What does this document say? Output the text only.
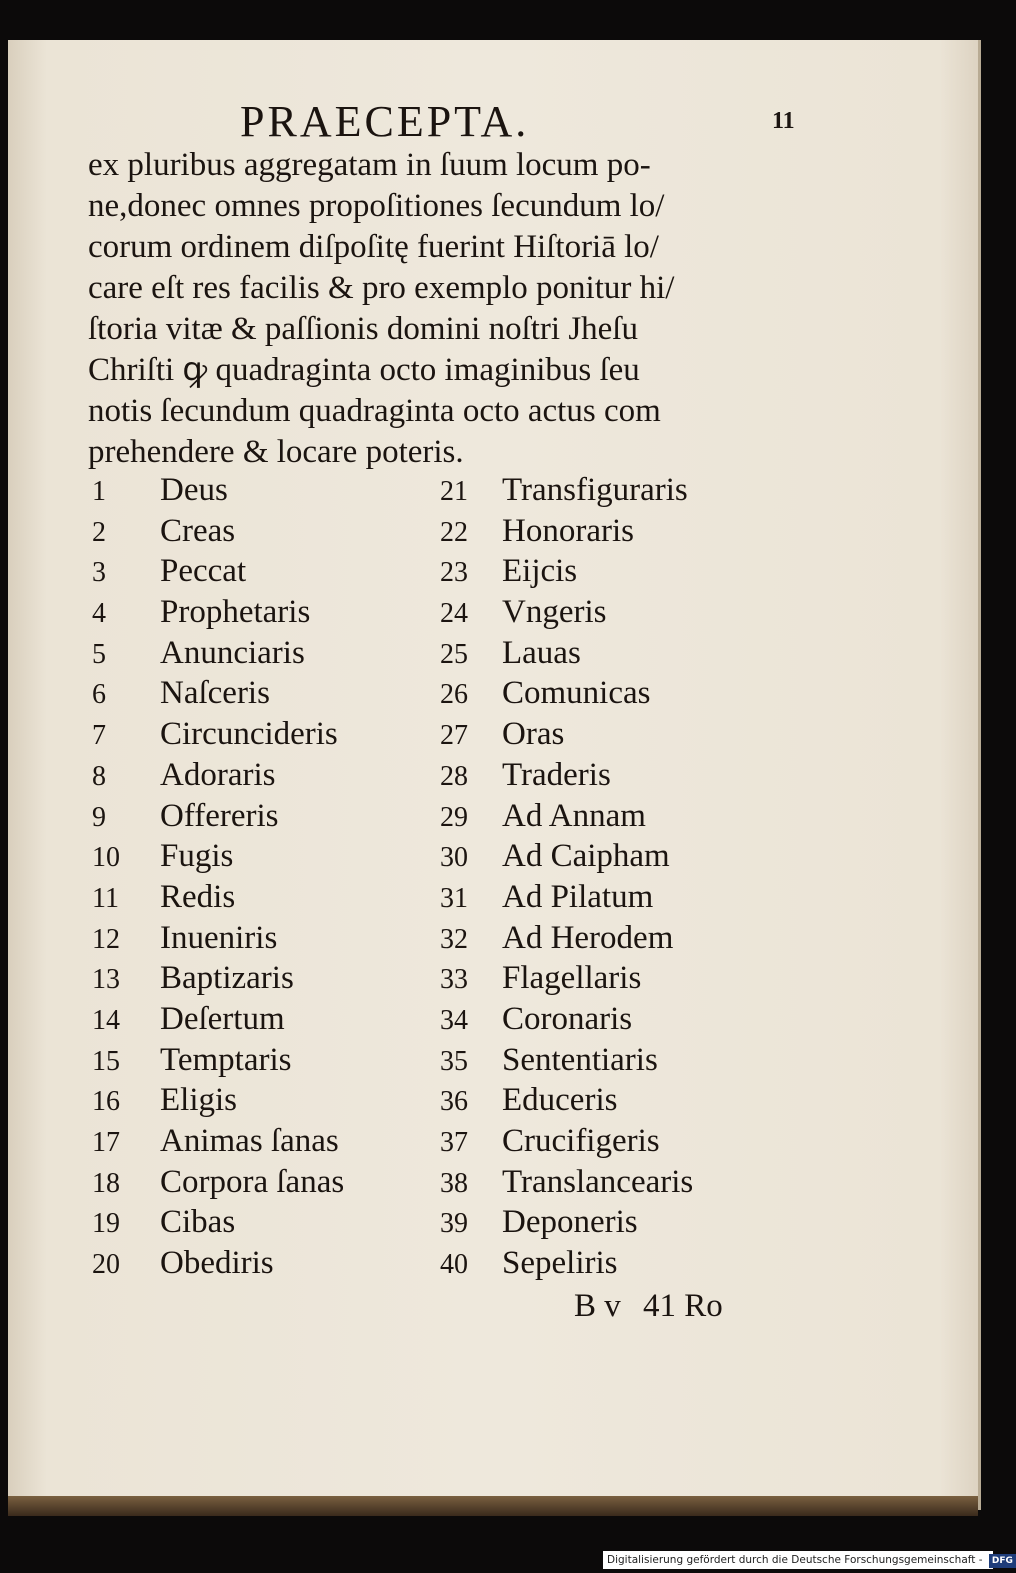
PRAECEPTA.	11
ex pluribus aggregatam in ſuum locum po-
ne,donec omnes propoſitiones ſecundum lo/
corum ordinem diſpoſitę fuerint Hiſtoriā lo/
care eſt res facilis & pro exemplo ponitur hi/
ſtoria vitæ & paſſionis domini noſtri Jheſu
Chriſti ꝙ quadraginta octo imaginibus ſeu
notis ſecundum quadraginta octo actus com
prehendere & locare poteris.
1 Deus
2 Creas
3 Peccat
4 Prophetaris
5 Anunciaris
6 Naſceris
7 Circuncideris
8 Adoraris
9 Offereris
10 Fugis
11 Redis
12 Inueniris
13 Baptizaris
14 Deſertum
15 Temptaris
16 Eligis
17 Animas ſanas
18 Corpora ſanas
19 Cibas
20 Obediris
21 Transfiguraris
22 Honoraris
23 Eijcis
24 Vngeris
25 Lauas
26 Comunicas
27 Oras
28 Traderis
29 Ad Annam
30 Ad Caipham
31 Ad Pilatum
32 Ad Herodem
33 Flagellaris
34 Coronaris
35 Sententiaris
36 Educeris
37 Crucifigeris
38 Translancearis
39 Deponeris
40 Sepeliris
B v 41 Ro
Digitalisierung gefördert durch die Deutsche Forschungsgemeinschaft - DFG
